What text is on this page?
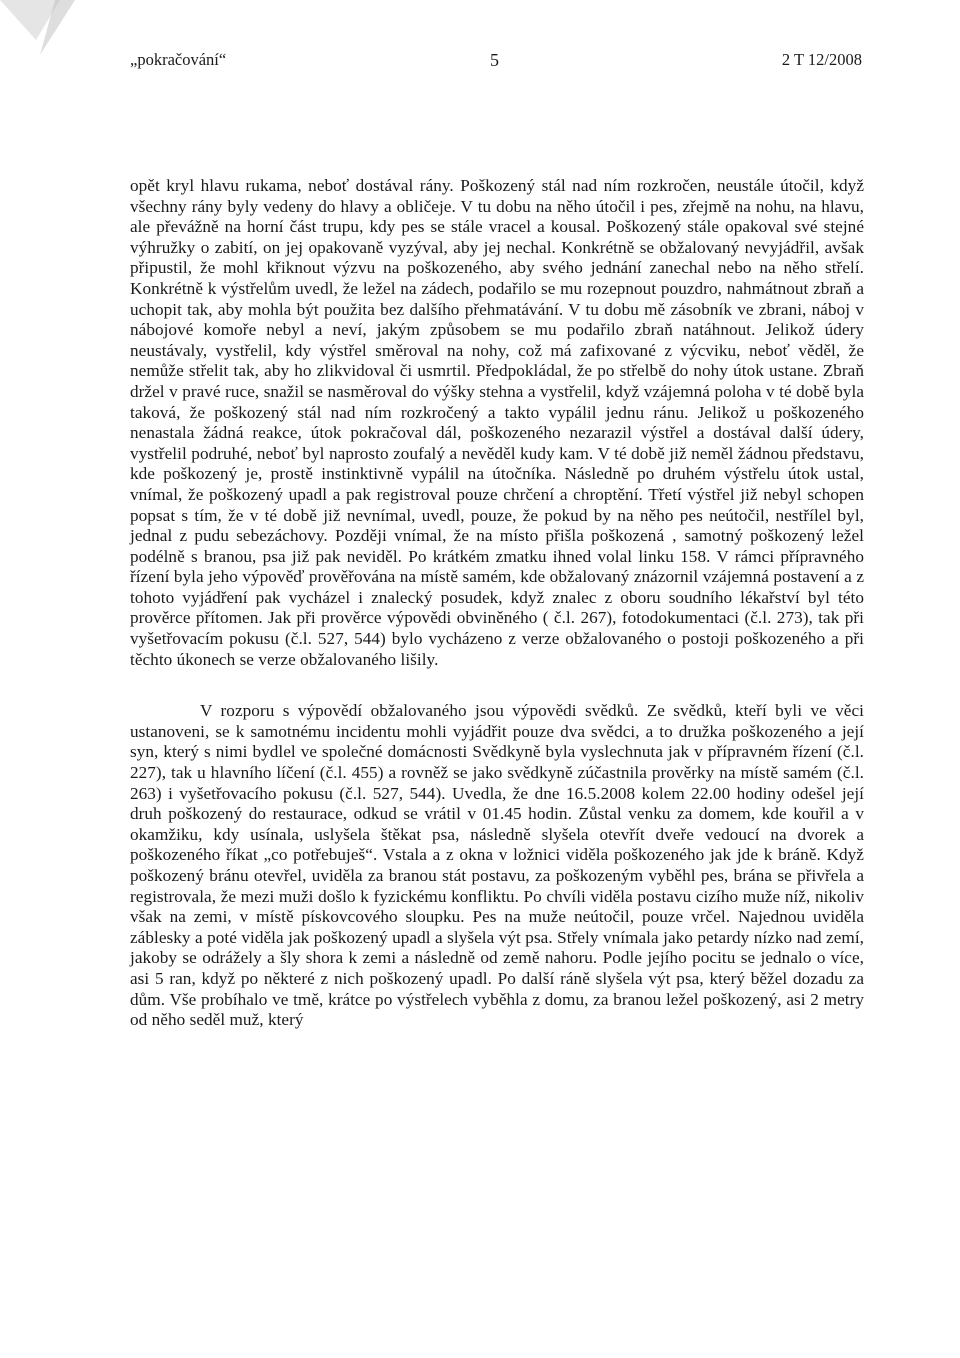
„pokračování“	5	2 T 12/2008

opět kryl hlavu rukama, neboť dostával rány. Poškozený stál nad ním rozkročen, neustále útočil, když všechny rány byly vedeny do hlavy a obličeje. V tu dobu na něho útočil i pes, zřejmě na nohu, na hlavu, ale převážně na horní část trupu, kdy pes se stále vracel a kousal. Poškozený stále opakoval své stejné výhružky o zabití, on jej opakovaně vyzýval, aby jej nechal. Konkrétně se obžalovaný nevyjádřil, avšak připustil, že mohl křiknout výzvu na poškozeného, aby svého jednání zanechal nebo na něho střelí. Konkrétně k výstřelům uvedl, že ležel na zádech, podařilo se mu rozepnout pouzdro, nahmátnout zbraň a uchopit tak, aby mohla být použita bez dalšího přehmatávání. V tu dobu mě zásobník ve zbrani, náboj v nábojové komoře nebyl a neví, jakým způsobem se mu podařilo zbraň natáhnout. Jelikož údery neustávaly, vystřelil, kdy výstřel směroval na nohy, což má zafixované z výcviku, neboť věděl, že nemůže střelit tak, aby ho zlikvidoval či usmrtil. Předpokládal, že po střelbě do nohy útok ustane. Zbraň držel v pravé ruce, snažil se nasměroval do výšky stehna a vystřelil, když vzájemná poloha v té době byla taková, že poškozený stál nad ním rozkročený a takto vypálil jednu ránu. Jelikož u poškozeného nenastala žádná reakce, útok pokračoval dál, poškozeného nezarazil výstřel a dostával další údery, vystřelil podruhé, neboť byl naprosto zoufalý a nevěděl kudy kam. V té době již neměl žádnou představu, kde poškozený je, prostě instinktivně vypálil na útočníka. Následně po druhém výstřelu útok ustal, vnímal, že poškozený upadl a pak registroval pouze chrčení a chroptění. Třetí výstřel již nebyl schopen popsat s tím, že v té době již nevnímal, uvedl, pouze, že pokud by na něho pes neútočil, nestřílel byl, jednal z pudu sebezáchovy. Později vnímal, že na místo přišla poškozená ‚ samotný poškozený ležel podélně s branou, psa již pak neviděl. Po krátkém zmatku ihned volal linku 158. V rámci přípravného řízení byla jeho výpověď prověřována na místě samém, kde obžalovaný znázornil vzájemná postavení a z tohoto vyjádření pak vycházel i znalecký posudek, když znalec z oboru soudního lékařství byl této prověrce přítomen. Jak při prověrce výpovědi obviněného ( č.l. 267), fotodokumentaci (č.l. 273), tak při vyšetřovacím pokusu (č.l. 527, 544) bylo vycházeno z verze obžalovaného o postoji poškozeného a při těchto úkonech se verze obžalovaného lišily.

V rozporu s výpovědí obžalovaného jsou výpovědi svědků. Ze svědků, kteří byli ve věci ustanoveni, se k samotnému incidentu mohli vyjádřit pouze dva svědci, a to družka poškozeného a její syn, který s nimi bydlel ve společné domácnosti Svědkyně byla vyslechnuta jak v přípravném řízení (č.l. 227), tak u hlavního líčení (č.l. 455) a rovněž se jako svědkyně zúčastnila prověrky na místě samém (č.l. 263) i vyšetřovacího pokusu (č.l. 527, 544). Uvedla, že dne 16.5.2008 kolem 22.00 hodiny odešel její druh poškozený do restaurace, odkud se vrátil v 01.45 hodin. Zůstal venku za domem, kde kouřil a v okamžiku, kdy usínala, uslyšela štěkat psa, následně slyšela otevřít dveře vedoucí na dvorek a poškozeného říkat „co potřebuješ“. Vstala a z okna v ložnici viděla poškozeného jak jde k bráně. Když poškozený bránu otevřel, uviděla za branou stát postavu, za poškozeným vyběhl pes, brána se přivřela a registrovala, že mezi muži došlo k fyzickému konfliktu. Po chvíli viděla postavu cizího muže níž, nikoliv však na zemi, v místě pískovcového sloupku. Pes na muže neútočil, pouze vrčel. Najednou uviděla záblesky a poté viděla jak poškozený upadl a slyšela výt psa. Střely vnímala jako petardy nízko nad zemí, jakoby se odrážely a šly shora k zemi a následně od země nahoru. Podle jejího pocitu se jednalo o více, asi 5 ran, když po některé z nich poškozený upadl. Po další ráně slyšela výt psa, který běžel dozadu za dům. Vše probíhalo ve tmě, krátce po výstřelech vyběhla z domu, za branou ležel poškozený, asi 2 metry od něho seděl muž, který
